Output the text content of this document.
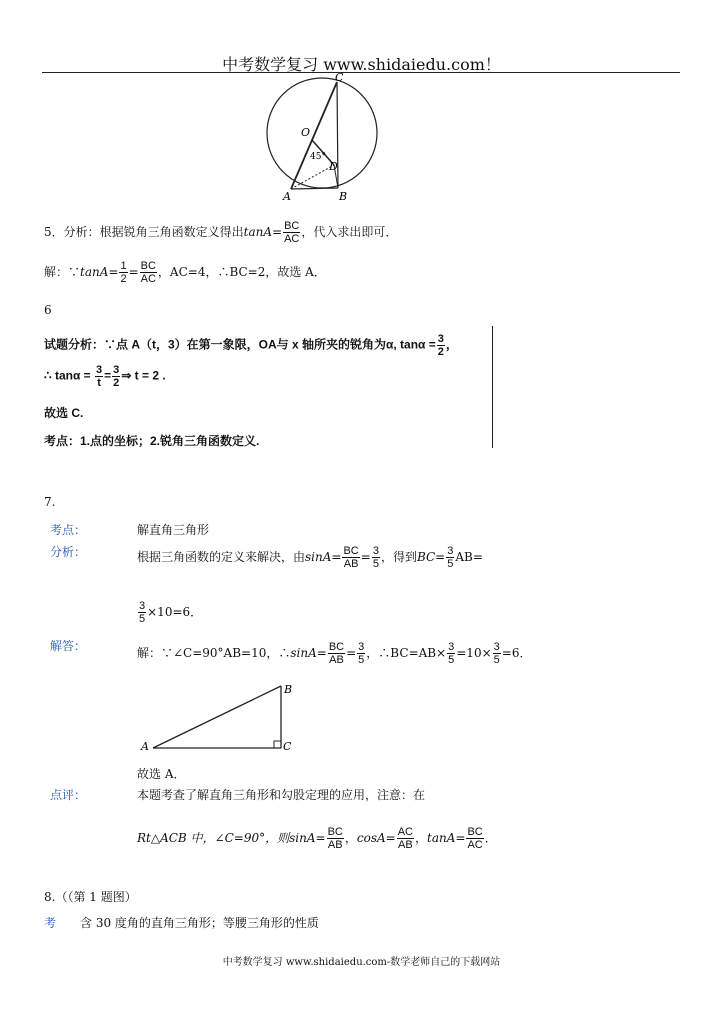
中考数学复习 www.shidaiedu.com！
C
O
45°
D
A	B
5．分析：根据锐角三角函数定义得出$\tan A= \frac{BC}{AC}$ ，代入求出即可．
解：∵tanA= $\frac{1}{2} = \frac{BC}{AC}$ ，AC=4，∴BC=2，故选 A．
6
试题分析：∵点 A（t，3）在第一象限，OA与 x 轴所夹的锐角为α, $\tan\alpha = \frac{3}{2}$ ，
∴ $\tan\alpha = \frac{3}{t} = \frac{3}{2}$ ⇒ t = 2 .
故选 C.
考点：1.点的坐标；2.锐角三角函数定义.
7.
考点：	解直角三角形
分析：	根据三角函数的定义来解决，由$\sin A= \frac{BC}{AB} = \frac{3}{5}$ ，得到$BC= \frac{3}{5} AB=$
$\frac{3}{5} \times 10=6$．
解答：	解：∵∠C=90°AB=10，∴sinA= $\frac{BC}{AB} = \frac{3}{5}$ ，∴BC=AB× $\frac{3}{5} =10\times \frac{3}{5} =6$．
A
B
C
故选 A．
点评：	本题考查了解直角三角形和勾股定理的应用，注意：在
Rt△ACB 中，∠C=90°，则$\sin A= \frac{BC}{AB}$ ，$\cos A= \frac{AC}{AB}$ ，$\tan A= \frac{BC}{AC}$ ．
8.（（第 1 题图）
考 含 30 度角的直角三角形；等腰三角形的性质
中考数学复习 www.shidaiedu.com-数学老师自己的下载网站
